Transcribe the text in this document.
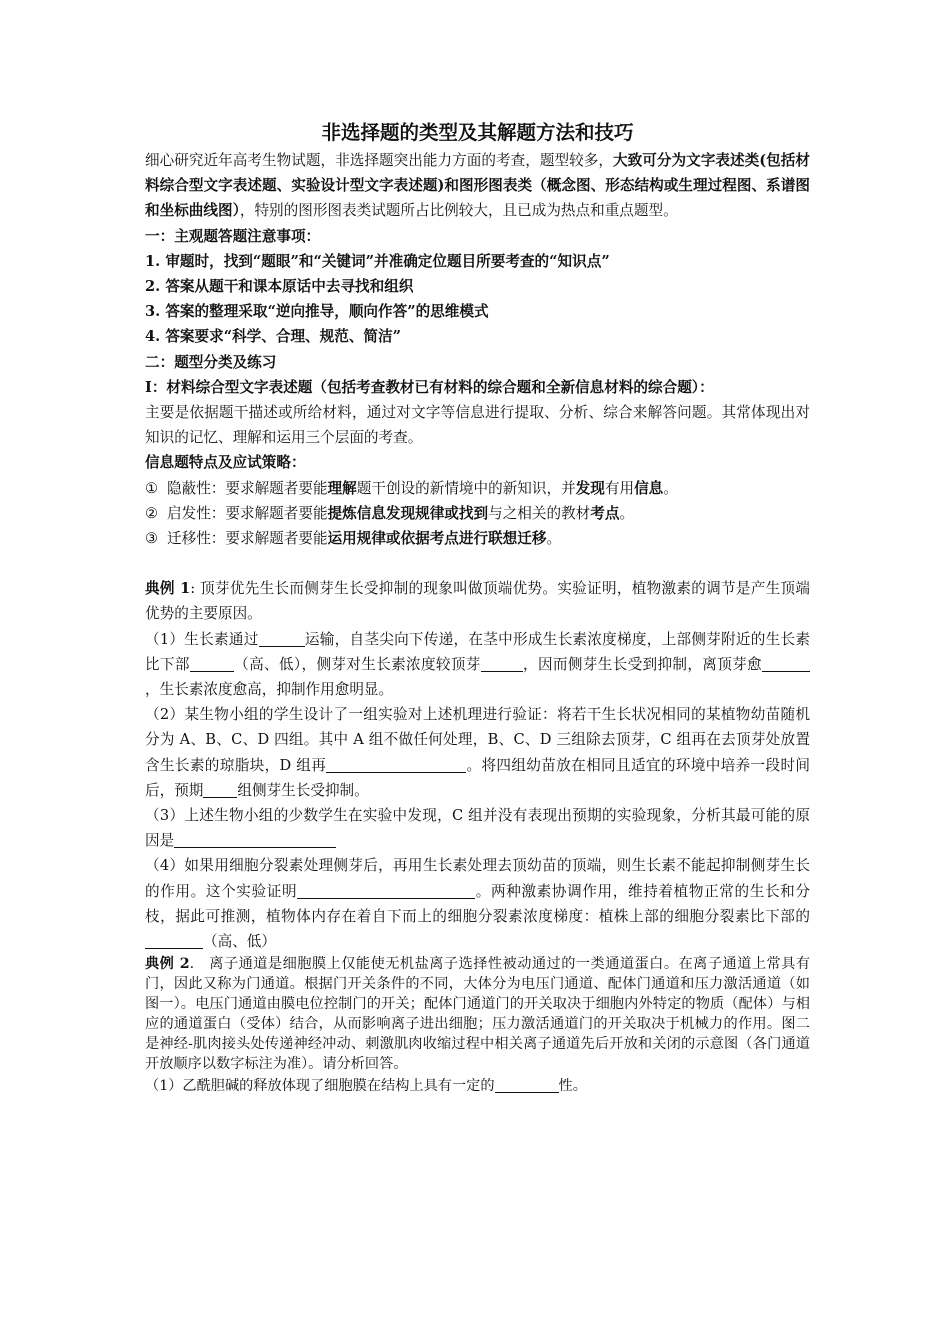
非选择题的类型及其解题方法和技巧

细心研究近年高考生物试题，非选择题突出能力方面的考查，题型较多，大致可分为文字表述类(包括材料综合型文字表述题、实验设计型文字表述题)和图形图表类（概念图、形态结构或生理过程图、系谱图和坐标曲线图），特别的图形图表类试题所占比例较大，且已成为热点和重点题型。

一：主观题答题注意事项：

1. 审题时，找到“题眼”和“关键词”并准确定位题目所要考查的“知识点”

2. 答案从题干和课本原话中去寻找和组织

3. 答案的整理采取“逆向推导，顺向作答”的思维模式

4. 答案要求“科学、合理、规范、简洁”

二：题型分类及练习

Ⅰ：材料综合型文字表述题（包括考查教材已有材料的综合题和全新信息材料的综合题）：

主要是依据题干描述或所给材料，通过对文字等信息进行提取、分析、综合来解答问题。其常体现出对知识的记忆、理解和运用三个层面的考查。

信息题特点及应试策略：

① 隐蔽性：要求解题者要能理解题干创设的新情境中的新知识，并发现有用信息。

② 启发性：要求解题者要能提炼信息发现规律或找到与之相关的教材考点。

③ 迁移性：要求解题者要能运用规律或依据考点进行联想迁移。

典例 1: 顶芽优先生长而侧芽生长受抑制的现象叫做顶端优势。实验证明，植物激素的调节是产生顶端优势的主要原因。

（1）生长素通过	运输，自茎尖向下传递，在茎中形成生长素浓度梯度，上部侧芽附近的生长素比下部	（高、低），侧芽对生长素浓度较顶芽	，因而侧芽生长受到抑制，离顶芽愈，生长素浓度愈高，抑制作用愈明显。

（2）某生物小组的学生设计了一组实验对上述机理进行验证：将若干生长状况相同的某植物幼苗随机分为 A、B、C、D 四组。其中 A 组不做任何处理，B、C、D 三组除去顶芽，C 组再在去顶芽处放置含生长素的琼脂块，D 组再	。将四组幼苗放在相同且适宜的环境中培养一段时间后，预期 组侧芽生长受抑制。

（3）上述生物小组的少数学生在实验中发现，C 组并没有表现出预期的实验现象，分析其最可能的原因是

（4）如果用细胞分裂素处理侧芽后，再用生长素处理去顶幼苗的顶端，则生长素不能起抑制侧芽生长的作用。这个实验证明	。两种激素协调作用，维持着植物正常的生长和分枝，据此可推测，植物体内存在着自下而上的细胞分裂素浓度梯度：植株上部的细胞分裂素比下部的（高、低）

典例 2.　离子通道是细胞膜上仅能使无机盐离子选择性被动通过的一类通道蛋白。在离子通道上常具有门，因此又称为门通道。根据门开关条件的不同，大体分为电压门通道、配体门通道和压力激活通道（如图一）。电压门通道由膜电位控制门的开关；配体门通道门的开关取决于细胞内外特定的物质（配体）与相应的通道蛋白（受体）结合，从而影响离子进出细胞；压力激活通道门的开关取决于机械力的作用。图二是神经-肌肉接头处传递神经冲动、刺激肌肉收缩过程中相关离子通道先后开放和关闭的示意图（各门通道开放顺序以数字标注为准）。请分析回答。

（1）乙酰胆碱的释放体现了细胞膜在结构上具有一定的	性。
